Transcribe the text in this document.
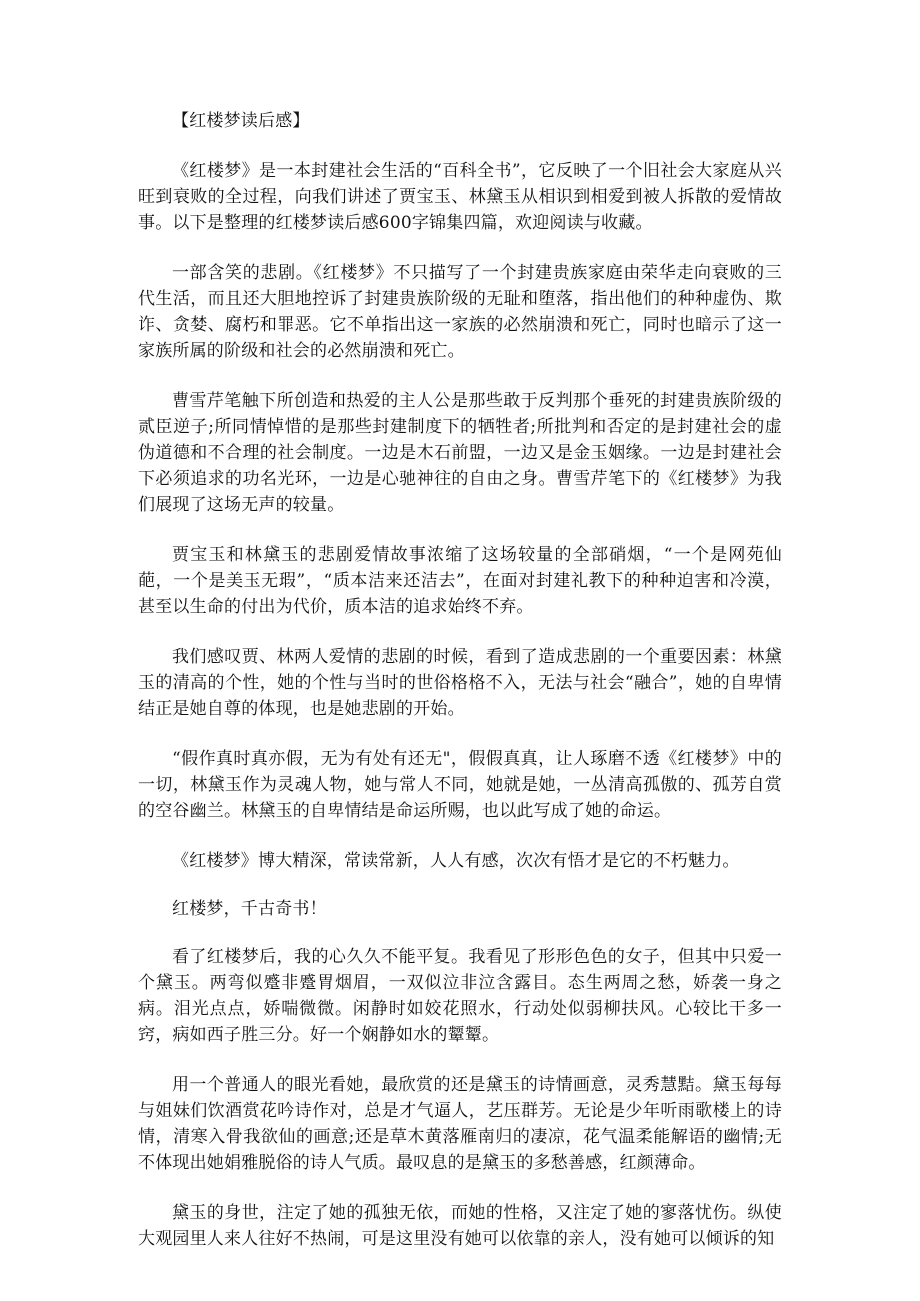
【红楼梦读后感】

《红楼梦》是一本封建社会生活的“百科全书”，它反映了一个旧社会大家庭从兴旺到衰败的全过程，向我们讲述了贾宝玉、林黛玉从相识到相爱到被人拆散的爱情故事。以下是整理的红楼梦读后感600字锦集四篇，欢迎阅读与收藏。

一部含笑的悲剧。《红楼梦》不只描写了一个封建贵族家庭由荣华走向衰败的三代生活，而且还大胆地控诉了封建贵族阶级的无耻和堕落，指出他们的种种虚伪、欺诈、贪婪、腐朽和罪恶。它不单指出这一家族的必然崩溃和死亡，同时也暗示了这一家族所属的阶级和社会的必然崩溃和死亡。

曹雪芹笔触下所创造和热爱的主人公是那些敢于反判那个垂死的封建贵族阶级的贰臣逆子;所同情悼惜的是那些封建制度下的牺牲者;所批判和否定的是封建社会的虚伪道德和不合理的社会制度。一边是木石前盟，一边又是金玉姻缘。一边是封建社会下必须追求的功名光环，一边是心驰神往的自由之身。曹雪芹笔下的《红楼梦》为我们展现了这场无声的较量。

贾宝玉和林黛玉的悲剧爱情故事浓缩了这场较量的全部硝烟，“一个是网苑仙葩，一个是美玉无瑕”，“质本洁来还洁去”，在面对封建礼教下的种种迫害和冷漠，甚至以生命的付出为代价，质本洁的追求始终不弃。

我们感叹贾、林两人爱情的悲剧的时候，看到了造成悲剧的一个重要因素：林黛玉的清高的个性，她的个性与当时的世俗格格不入，无法与社会“融合”，她的自卑情结正是她自尊的体现，也是她悲剧的开始。

“假作真时真亦假，无为有处有还无"，假假真真，让人琢磨不透《红楼梦》中的一切，林黛玉作为灵魂人物，她与常人不同，她就是她，一丛清高孤傲的、孤芳自赏的空谷幽兰。林黛玉的自卑情结是命运所赐，也以此写成了她的命运。

《红楼梦》博大精深，常读常新，人人有感，次次有悟才是它的不朽魅力。

红楼梦，千古奇书！

看了红楼梦后，我的心久久不能平复。我看见了形形色色的女子，但其中只爱一个黛玉。两弯似蹙非蹙胃烟眉，一双似泣非泣含露目。态生两周之愁，娇袭一身之病。泪光点点，娇喘微微。闲静时如姣花照水，行动处似弱柳扶风。心较比干多一窍，病如西子胜三分。好一个娴静如水的颦颦。

用一个普通人的眼光看她，最欣赏的还是黛玉的诗情画意，灵秀慧黠。黛玉每每与姐妹们饮酒赏花吟诗作对，总是才气逼人，艺压群芳。无论是少年听雨歌楼上的诗情，清寒入骨我欲仙的画意;还是草木黄落雁南归的凄凉，花气温柔能解语的幽情;无不体现出她娟雅脱俗的诗人气质。最叹息的是黛玉的多愁善感，红颜薄命。

黛玉的身世，注定了她的孤独无依，而她的性格，又注定了她的寥落忧伤。纵使大观园里人来人往好不热闹，可是这里没有她可以依靠的亲人，没有她可以倾诉的知
